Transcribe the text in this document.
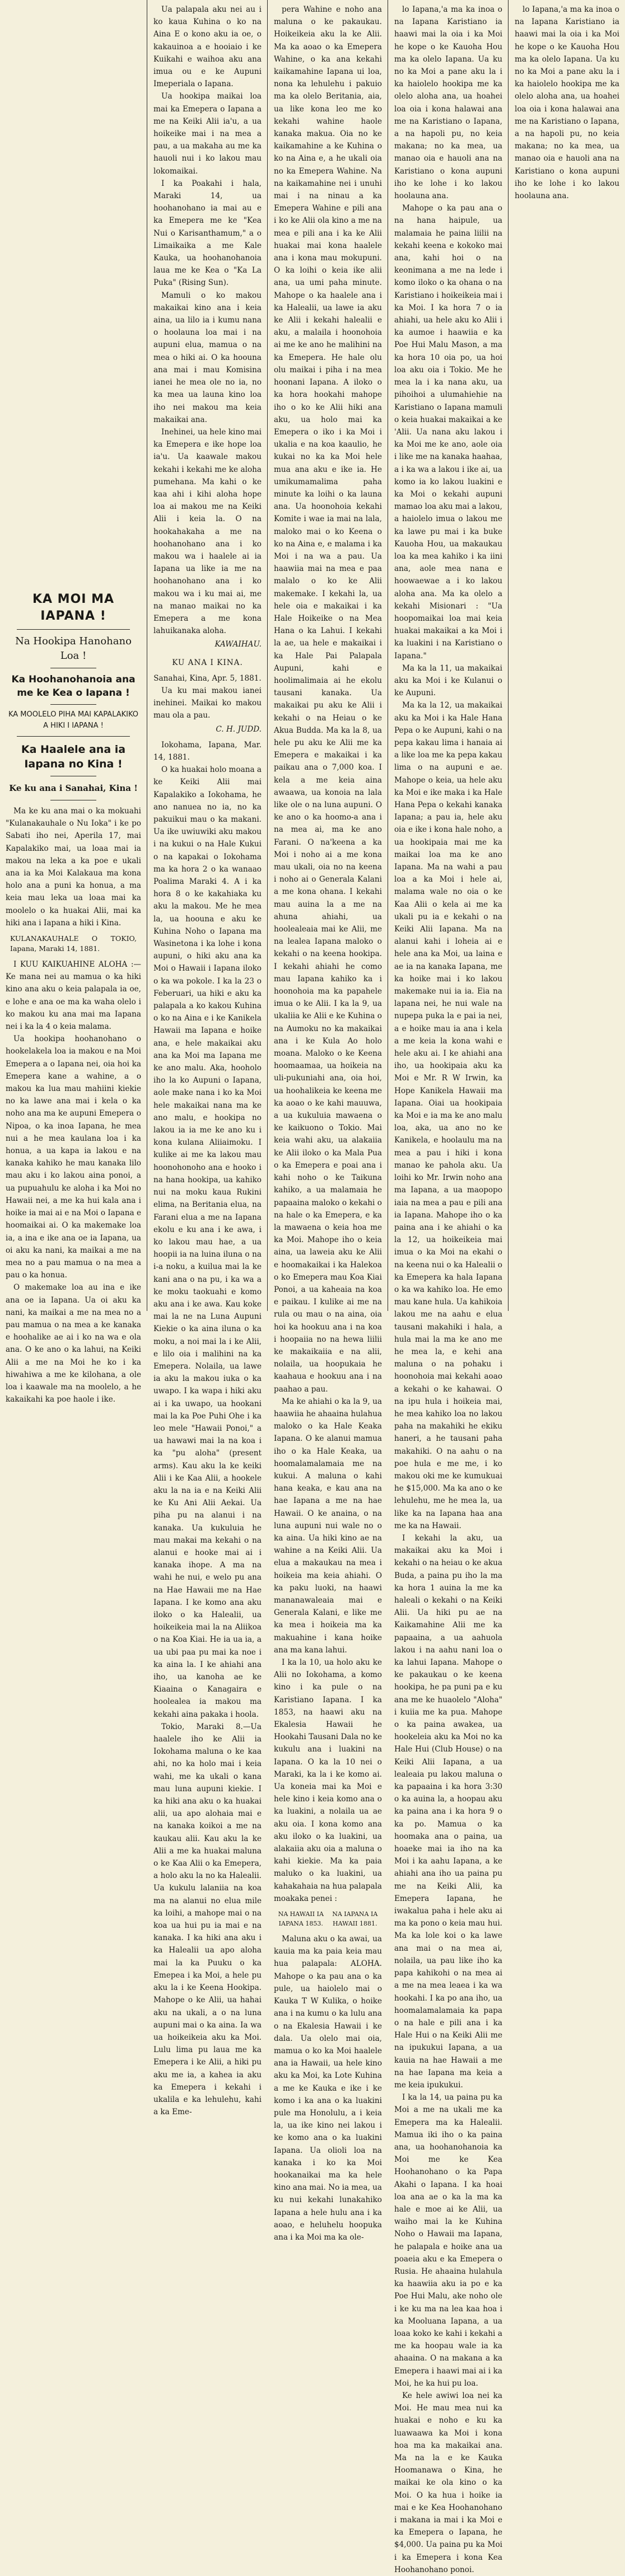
KA MOI MA IAPANA !
Na Hookipa Hanohano Loa !
Ka Hoohanohanoia ana me ke Kea o Iapana !
KA MOOLELO PIHA MAI KAPALAKIKO A HIKI I IAPANA !
Ka Haalele ana ia Iapana no Kina !
Ke ku ana i Sanahai, Kina !

Ma ke ku ana mai o ka mokuahi "Kulanakauhale o Nu Ioka" i ke po Sabati iho nei, Aperila 17, mai Kapalakiko mai, ua loaa mai ia makou na leka a ka poe e ukali ana ia ka Moi Kalakaua ma kona holo ana a puni ka honua, a ma keia mau leka ua loaa mai ka moolelo o ka huakai Alii, mai ka hiki ana i Iapana a hiki i Kina.

KULANAKAUHALE O TOKIO, Iapana, Maraki 14, 1881.

I KUU KAIKUAHINE ALOHA :—Ke mana nei au mamua o ka hiki kino ana aku o keia palapala ia oe, e lohe e ana oe ma ka waha olelo i ko makou ku ana mai ma Iapana nei i ka la 4 o keia malama.

Ua hookipa hoohanohano o hookelakela loa ia makou e na Moi Emepera a o Iapana nei, oia hoi ka Emepera kane a wahine, a o makou ka lua mau mahiini kiekie no ka lawe ana mai i kela o ka noho ana ma ke aupuni Emepera o Nipoa, o ka inoa Iapana, he mea nui a he mea kaulana loa i ka honua, a ua kapa ia lakou e na kanaka kahiko he mau kanaka lilo mau aku i ko lakou aina ponoi, a ua pupuahulu ke aloha i ka Moi no Hawaii nei, a me ka hui kala ana i hoike ia mai ai e na Moi o Iapana e hoomaikai ai. O ka makemake loa ia, a ina e ike ana oe ia Iapana, ua oi aku ka nani, ka maikai a me na mea no a pau mamua o na mea a pau o ka honua.

O makemake loa au ina e ike ana oe ia Iapana. Ua oi aku ka nani, ka maikai a me na mea no a pau mamua o na mea a ke kanaka e hoohalike ae ai i ko na wa e ola ana. O ke ano o ka lahui, na Keiki Alii a me na Moi he ko i ka hiwahiwa a me ke kilohana, a ole loa i kaawale ma na moolelo, a he kakaikahi ka poe haole i ike.

Ua palapala aku nei au i ko kaua Kuhina o ko na Aina E o kono aku ia oe, o kakauinoa a e hooiaio i ke Kuikahi e waihoa aku ana imua ou e ke Aupuni Imeperiala o Iapana.

Ua hookipa maikai loa mai ka Emepera o Iapana a me na Keiki Alii ia'u, a ua hoikeike mai i na mea a pau, a ua makaha au me ka hauoli nui i ko lakou mau lokomaikai.

I ka Poakahi i hala, Maraki 14, ua hoohanohano ia mai au e ka Emepera me ke "Kea Nui o Karisanthamum," a o Limaikaika a me Kale Kauka, ua hoohanohanoia laua me ke Kea o "Ka La Puka" (Rising Sun).

Mamuli o ko makou makaikai kino ana i keia aina, ua lilo ia i kumu nana o hoolauna loa mai i na aupuni elua, mamua o na mea o hiki ai. O ka hoouna ana mai i mau Komisina ianei he mea ole no ia, no ka mea ua launa kino loa iho nei makou ma keia makaikai ana.

Inehinei, ua hele kino mai ka Emepera e ike hope loa ia'u. Ua kaawale makou kekahi i kekahi me ke aloha pumehana. Ma kahi o ke kaa ahi i kihi aloha hope loa ai makou me na Keiki Alii i keia la. O na hookahakaha a me na hoohanohano ana i ko makou wa i haalele ai ia Iapana ua like ia me na hoohanohano ana i ko makou wa i ku mai ai, me na manao maikai no ka Emepera a me kona lahuikanaka aloha.

KAWAIHAU.
KU ANA I KINA.

Sanahai, Kina, Apr. 5, 1881.

Ua ku mai makou ianei inehinei. Maikai ko makou mau ola a pau.

C. H. JUDD.

Iokohama, Iapana, Mar. 14, 1881.

O ka huakai holo moana a ke Keiki Alii mai Kapalakiko a Iokohama, he ano nanuea no ia, no ka pakuikui mau o ka makani. Ua ike uwiuwiki aku makou i na kukui o na Hale Kukui o na kapakai o Iokohama ma ka hora 2 o ka wanaao Poalima Maraki 4. A i ka hora 8 o ke kakahiaka ku aku la makou. Me he mea la, ua hoouna e aku ke Kuhina Noho o Iapana ma Wasinetona i ka lohe i kona aupuni, o hiki aku ana ka Moi o Hawaii i Iapana iloko o ka wa pokole. I ka la 23 o Feberuari, ua hiki e aku ka palapala a ko kakou Kuhina o ko na Aina e i ke Kanikela Hawaii ma Iapana e hoike ana, e hele makaikai aku ana ka Moi ma Iapana me ke ano malu. Aka, hooholo iho la ko Aupuni o Iapana, aole make nana i ko ka Moi hele makaikai nana ma ke ano malu, e hookipa no lakou ia ia me ke ano ku i kona kulana Aliiaimoku. I kulike ai me ka lakou mau hoonohonoho ana e hooko i na hana hookipa, ua kahiko nui na moku kaua Rukini elima, na Beritania elua, na Farani elua a me na Iapana ekolu e ku ana i ke awa, i ko lakou mau hae, a ua hoopii ia na luina iluna o na i-a noku, a kuilua mai la ke kani ana o na pu, i ka wa a ke moku taokuahi e komo aku ana i ke awa. Kau koke mai la ne na Luna Aupuni Kiekie o ka aina iluna o ka moku, a noi mai la i ke Alii, e lilo oia i malihini na ka Emepera. Nolaila, ua lawe ia aku la makou iuka o ka uwapo. I ka wapa i hiki aku ai i ka uwapo, ua hookani mai la ka Poe Puhi Ohe i ka leo mele "Hawaii Ponoi," a ua hawawi mai la na koa i ka "pu aloha" (present arms). Kau aku la ke keiki Alii i ke Kaa Alii, a hookele aku la na ia e na Keiki Alii ke Ku Ani Alii Aekai. Ua piha pu na alanui i na kanaka. Ua kukuluia he mau makai ma kekahi o na alanui e hooke mai ai i kanaka ihope. A ma na wahi he nui, e welo pu ana na Hae Hawaii me na Hae Iapana. I ke komo ana aku iloko o ka Halealii, ua hoikeikeia mai la na Aliikoa o na Koa Kiai. He ia ua ia, a ua ubi paa pu mai ka noe i ka aina la. I ke ahiahi ana iho, ua kanoha ae ke Kiaaina o Kanagaira e hoolealea ia makou ma kekahi aina pakaka i hoola.

Tokio, Maraki 8.—Ua haalele iho ke Alii ia Iokohama maluna o ke kaa ahi, no ka holo mai i keia wahi, me ka ukali o kana mau luna aupuni kiekie. I ka hiki ana aku o ka huakai alii, ua apo alohaia mai e na kanaka koikoi a me na kaukau alii. Kau aku la ke Alii a me ka huakai maluna o ke Kaa Alii o ka Emepera, a holo aku la no ka Halealii. Ua kukulu lalaniia na koa ma na alanui no elua mile ka loihi, a mahope mai o na koa ua hui pu ia mai e na kanaka. I ka hiki ana aku i ka Halealii ua apo aloha mai la ka Puuku o ka Emepea i ka Moi, a hele pu aku la i ke Keena Hookipa. Mahope o ke Alii, ua hahai aku na ukali, a o na luna aupuni mai o ka aina. Ia wa ua hoikeikeia aku ka Moi. Lulu lima pu laua me ka Emepera i ke Alii, a hiki pu aku me ia, a kahea ia aku ka Emepera i kekahi i ukalila e ka lehulehu, kahi a ka Eme-

pera Wahine e noho ana maluna o ke pakaukau. Hoikeikeia aku la ke Alii. Ma ka aoao o ka Emepera Wahine, o ka ana kekahi kaikamahine Iapana ui loa, nona ka lehulehu i pakuio ma ka olelo Beritania, aia, ua like kona leo me ko kekahi wahine haole kanaka makua. Oia no ke kaikamahine a ke Kuhina o ko na Aina e, a he ukali oia no ka Emepera Wahine. Na na kaikamahine nei i unuhi mai i na ninau a ka Emepera Wahine e pili ana i ko ke Alii ola kino a me na mea e pili ana i ka ke Alii huakai mai kona haalele ana i kona mau mokupuni. O ka loihi o keia ike alii ana, ua umi paha minute. Mahope o ka haalele ana i ka Halealii, ua lawe ia aku ke Alii i kekahi halealii e aku, a malaila i hoonohoia ai me ke ano he malihini na ka Emepera. He hale olu olu maikai i piha i na mea hoonani Iapana. A iloko o ka hora hookahi mahope iho o ko ke Alii hiki ana aku, ua holo mai ka Emepera o iko i ka Moi i ukalia e na koa kaaulio, he kukai no ka ka Moi hele mua ana aku e ike ia. He umikumamalima paha minute ka loihi o ka launa ana. Ua hoonohoia kekahi Komite i wae ia mai na lala, maloko mai o ko Keena o ko na Aina e, e malama i ka Moi i na wa a pau. Ua haawiia mai na mea e paa malalo o ko ke Alii makemake. I kekahi la, ua hele oia e makaikai i ka Hale Hoikeike o na Mea Hana o ka Lahui. I kekahi la ae, ua hele e makaikai i ka Hale Pai Palapala Aupuni, kahi e hoolimalimaia ai he ekolu tausani kanaka. Ua makaikai pu aku ke Alii i kekahi o na Heiau o ke Akua Budda. Ma ka la 8, ua hele pu aku ke Alii me ka Emepera e makaikai i ka paikau ana o 7,000 koa. I kela a me keia aina awaawa, ua konoia na lala like ole o na luna aupuni. O ke ano o ka hoomo-a ana i na mea ai, ma ke ano Farani. O na'keena a ka Moi i noho ai a me kona mau ukali, oia no na keena i noho ai o Generala Kalani a me kona ohana. I kekahi mau auina la a me na ahuna ahiahi, ua hoolealeaia mai ke Alii, me na lealea Iapana maloko o kekahi o na keena hookipa. I kekahi ahiahi he como mau Iapana kahiko ka i hoonohoia ma ka papahele imua o ke Alii. I ka la 9, ua ukaliia ke Alii e ke Kuhina o na Aumoku no ka makaikai ana i ke Kula Ao holo moana. Maloko o ke Keena hoomaamaa, ua hoikeia na uli-pukuniahi ana, oia hoi, ua hoohalikeia ke keena me ka aoao o ke kahi mauuwa, a ua kukuluia mawaena o ke kaikuono o Tokio. Mai keia wahi aku, ua alakaiia ke Alii iloko o ka Mala Pua o ka Emepera e poai ana i kahi noho o ke Taikuna kahiko, a ua malamaia he papaaina maloko o kekahi o na hale o ka Emepera, e ka la mawaena o keia hoa me ka Moi. Mahope iho o keia aina, ua laweia aku ke Alii e hoomakaikai i ka Halekoa o ko Emepera mau Koa Kiai Ponoi, a ua kaheaia na koa e paikau. I kulike ai me na rula ou mau o na aina, oia hoi ka hookuu ana i na koa i hoopaiia no na hewa liilii ke makaikaiia e na alii, nolaila, ua hoopukaia he kaahaua e hookuu ana i na paahao a pau.

Ma ke ahiahi o ka la 9, ua haawiia he ahaaina hulahua maloko o ka Hale Keaka Iapana. O ke alanui mamua iho o ka Hale Keaka, ua hoomalamalamaia me na kukui. A maluna o kahi hana keaka, e kau ana na hae Iapana a me na hae Hawaii. O ke anaina, o na luna aupuni nui wale no o ka aina. Ua hiki kino ae na wahine a na Keiki Alii. Ua elua a makaukau na mea i hoikeia ma keia ahiahi. O ka paku luoki, na haawi mananawaleaia mai e Generala Kalani, e like me ka mea i hoikeia ma ka makuahine i kana hoike ana ma kana lahui.

I ka la 10, ua holo aku ke Alii no Iokohama, a komo kino i ka pule o na Karistiano Iapana. I ka 1853, na haawi aku na Ekalesia Hawaii he Hookahi Tausani Dala no ke kukulu ana i luakini na Iapana. O ka la 10 nei o Maraki, ka la i ke komo ai. Ua koneia mai ka Moi e hele kino i keia komo ana o ka luakini, a nolaila ua ae aku oia. I kona komo ana aku iloko o ka luakini, ua alakaiia aku oia a maluna o kahi kiekie. Ma ka paia maluko o ka luakini, ua kahakahaia na hua palapala moakaka penei :

NA HAWAII IA IAPANA 1853.
NA IAPANA IA HAWAII 1881.

Maluna aku o ka awai, ua kauia ma ka paia keia mau hua palapala: ALOHA. Mahope o ka pau ana o ka pule, ua haiolelo mai o Kauka T W Kulika, o hoike ana i na kumu o ka lulu ana o na Ekalesia Hawaii i ke dala. Ua olelo mai oia, mamua o ko ka Moi haalele ana ia Hawaii, ua hele kino aku ka Moi, ka Lote Kuhina a me ke Kauka e ike i ke komo i ka ana o ka luakini pule ma Honolulu, a i keia la, ua ike kino nei lakou i ke komo ana o ka luakini Iapana. Ua olioli loa na kanaka i ko ka Moi hookanaikai ma ka hele kino ana mai. No ia mea, ua ku nui kekahi lunakahiko Iapana a hele hulu ana i ka aoao, e heluhelu hoopuka ana i ka Moi ma ka ole-

lo Iapana,'a ma ka inoa o na Iapana Karistiano ia haawi mai la oia i ka Moi he kope o ke Kauoha Hou ma ka olelo Iapana. Ua ku no ka Moi a pane aku la i ka haiolelo hookipa me ka olelo aloha ana, ua hoahei loa oia i kona halawai ana me na Karistiano o Iapana, a na hapoli pu, no keia makana; no ka mea, ua manao oia e hauoli ana na Karistiano o kona aupuni iho ke lohe i ko lakou hoolauna ana.

Mahope o ka pau ana o na hana haipule, ua malamaia he paina liilii na kekahi keena e kokoko mai ana, kahi hoi o na keonimana a me na lede i komo iloko o ka ohana o na Karistiano i hoikeikeia mai i ka Moi. I ka hora 7 o ia ahiahi, ua hele aku ko Alii i ka aumoe i haawiia e ka Poe Hui Malu Mason, a ma ka hora 10 oia po, ua hoi loa aku oia i Tokio. Me he mea la i ka nana aku, ua pihoihoi a ulumahiehie na Karistiano o Iapana mamuli o keia huakai makaikai a ke 'Alii. Ua nana aku lakou i ka Moi me ke ano, aole oia i like me na kanaka haahaa, a i ka wa a lakou i ike ai, ua komo ia ko lakou luakini e ka Moi o kekahi aupuni mamao loa aku mai a lakou, a haiolelo imua o lakou me ka lawe pu mai i ka buke Kauoha Hou, ua makaukau loa ka mea kahiko i ka iini ana, aole mea nana e hoowaewae a i ko lakou aloha ana. Ma ka olelo a kekahi Misionari : "Ua hoopomaikai loa mai keia huakai makaikai a ka Moi i ka luakini i na Karistiano o Iapana."

Ma ka la 11, ua makaikai aku ka Moi i ke Kulanui o ke Aupuni.

Ma ka la 12, ua makaikai aku ka Moi i ka Hale Hana Pepa o ke Aupuni, kahi o na pepa kakau lima i hanaia ai a like loa me ka pepa kakau lima o na aupuni e ae. Mahope o keia, ua hele aku ka Moi e ike maka i ka Hale Hana Pepa o kekahi kanaka Iapana; a pau ia, hele aku oia e ike i kona hale noho, a ua hookipaia mai me ka maikai loa ma ke ano Iapana. Ma na wahi a pau loa a ka Moi i hele ai, malama wale no oia o ke Kaa Alii o kela ai me ka ukali pu ia e kekahi o na Keiki Alii Iapana. Ma na alanui kahi i loheia ai e hele ana ka Moi, ua laina e ae ia na kanaka Iapana, me ka hoike mai i ko lakou makemake nui ia ia. Eia na lapana nei, he nui wale na nupepa puka la e pai ia nei, a e hoike mau ia ana i kela a me keia la kona wahi e hele aku ai. I ke ahiahi ana iho, ua hookipaia aku ka Moi e Mr. R W Irwin, ka Hope Kanikela Hawaii ma Iapana. Oiai ua hookipaia ka Moi e ia ma ke ano malu loa, aka, ua ano no ke Kanikela, e hoolaulu ma na mea a pau i hiki i kona manao ke pahola aku. Ua loihi ko Mr. Irwin noho ana ma Iapana, a ua maopopo iaia na mea a pau e pili ana ia Iapana. Mahope iho o ka paina ana i ke ahiahi o ka la 12, ua hoikeikeia mai imua o ka Moi na ekahi o na keena nui o ka Halealii o ka Emepera ka hala Iapana o ka wa kahiko loa. He emo mau kane hula. Ua kahikoia lakou me na aahu e elua tausani makahiki i hala, a hula mai la ma ke ano me he mea la, e kehi ana maluna o na pohaku i hoonohoia mai kekahi aoao a kekahi o ke kahawai. O na ipu hula i hoikeia mai, he mea kahiko loa no lakou paha na makahiki he ekiku haneri, a he tausani paha makahiki. O na aahu o na poe hula e me me, i ko makou oki me ke kumukuai he $15,000. Ma ka ano o ke lehulehu, me he mea la, ua like ka na Iapana haa ana me ka na Hawaii.

I kekahi la aku, ua makaikai aku ka Moi i kekahi o na heiau o ke akua Buda, a paina pu iho la ma ka hora 1 auina la me ka haleali o kekahi o na Keiki Alii. Ua hiki pu ae na Kaikamahine Alii me ka papaaina, a ua aahuola lakou i na aahu nani loa o ka lahui Iapana. Mahope o ke pakaukau o ke keena hookipa, he pa puni pa e ku ana me ke huaolelo "Aloha" i kuiia me ka pua. Mahope o ka paina awakea, ua hookeleia aku ka Moi no ka Hale Hui (Club House) o na Keiki Alii Iapana, a ua lealeaia pu lakou maluna o ka papaaina i ka hora 3:30 o ka auina la, a hoopau aku ka paina ana i ka hora 9 o ka po. Mamua o ka hoomaka ana o paina, ua hoaeke mai ia iho na ka Moi i ka aahu Iapana, a ke ahiahi ana iho ua paina pu me na Keiki Alii, ka Emepera Iapana, he iwakalua paha i hele aku ai ma ka pono o keia mau hui. Ma ka lole koi o ka lawe ana mai o na mea ai, nolaila, ua pau like iho ka papa kahikohi o na mea ai a me na mea leaea i ka wa hookahi. I ka po ana iho, ua hoomalamalamaia ka papa o na hale e pili ana i ka Hale Hui o na Keiki Alii me na ipukukui Iapana, a ua kauia na hae Hawaii a me na hae Iapana ma keia a me keia ipukukui.

I ka la 14, ua paina pu ka Moi a me na ukali me ka Emepera ma ka Halealii. Mamua iki iho o ka paina ana, ua hoohanohanoia ka Moi me ke Kea Hoohanohano o ka Papa Akahi o Iapana. I ka hoai loa ana ae o ka la ma ka hale e moe ai ke Alii, ua waiho mai la ke Kuhina Noho o Hawaii ma Iapana, he palapala e hoike ana ua poaeia aku e ka Emepera o Rusia. He ahaaina hulahula ka haawiia aku ia po e ka Poe Hui Malu, ake noho ole i ke ku ma na lea kaa hoa i ka Mooluana Iapana, a ua loaa koko ke kahi i kekahi a me ka hoopau wale ia ka ahaaina. O na makana a ka Emepera i haawi mai ai i ka Moi, he ka hui pu loa.

Ke hele awiwi loa nei ka Moi. He mau mea nui ka huakai e noho e ku ka luawaawa ka Moi i kona hoa ma ka makaikai ana. Ma na la e ke Kauka Hoomanawa o Kina, he maikai ke ola kino o ka Moi. O ka hua i hoike ia mai e ke Kea Hoohanohano i makana ia mai i ka Moi e ka Emepera o Iapana, he $4,000. Ua paina pu ka Moi i ka Emepera i kona Kea Hoohanohano ponoi.

lo Iapana,'a ma ka inoa o na Iapana Karistiano ia haawi mai la oia i ka Moi he kope o ke Kauoha Hou ma ka olelo Iapana. Ua ku no ka Moi a pane aku la i ka haiolelo hookipa me ka olelo aloha ana, ua hoahei loa oia i kona halawai ana me na Karistiano o Iapana, a na hapoli pu, no keia makana; no ka mea, ua manao oia e hauoli ana na Karistiano o kona aupuni iho ke lohe i ko lakou hoolauna ana.
